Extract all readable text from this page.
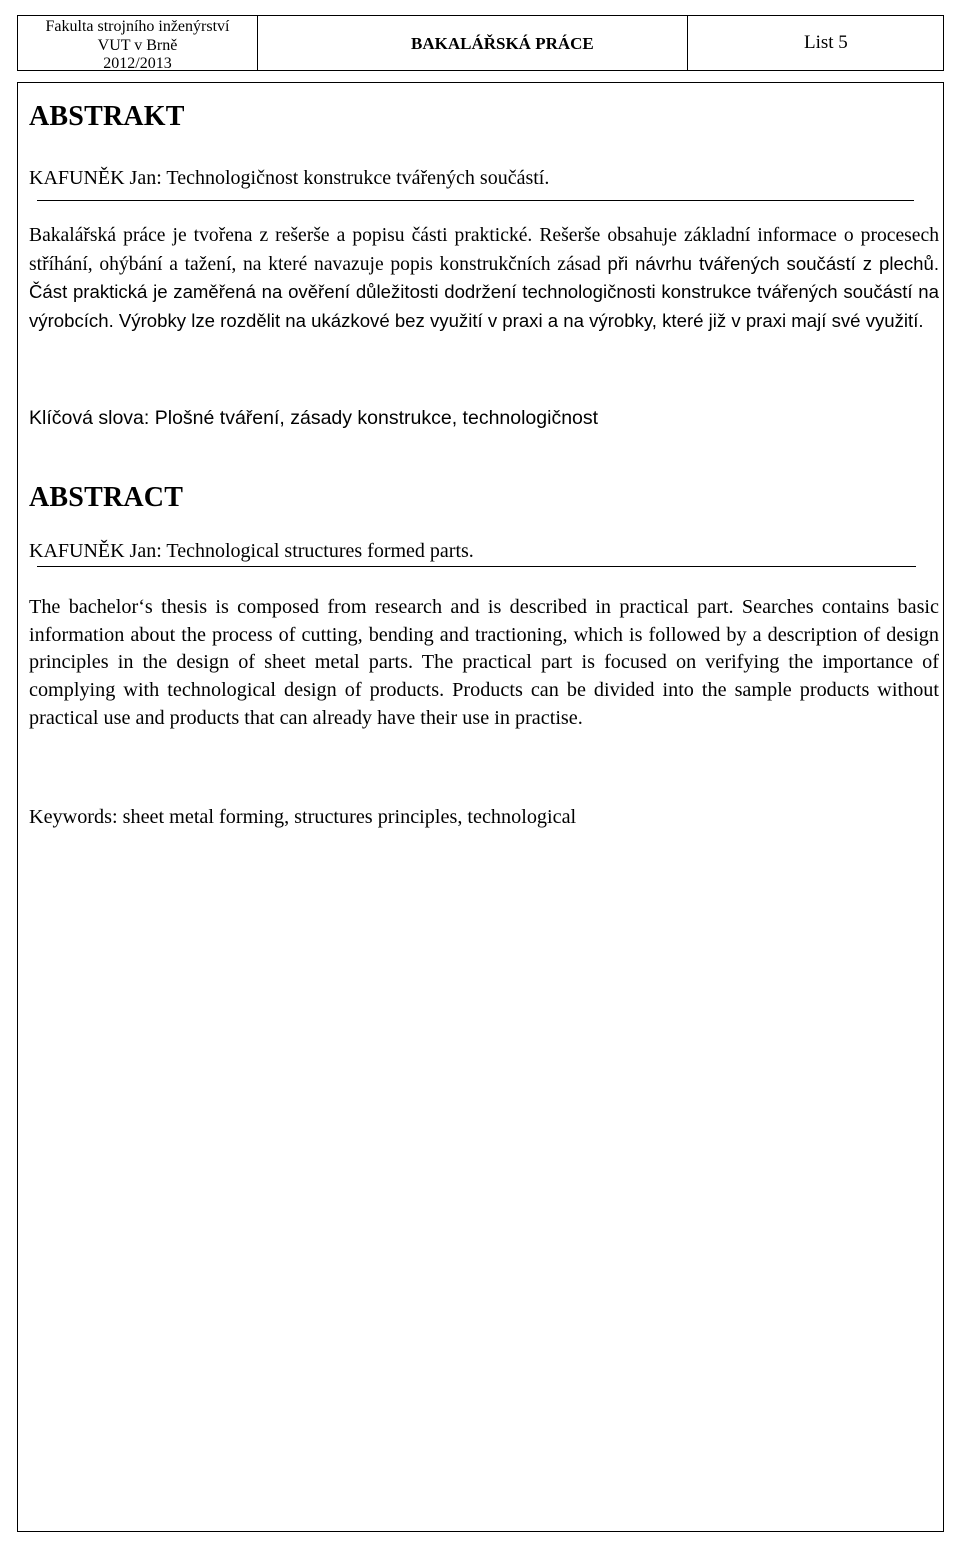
Fakulta strojního inženýrství
VUT v Brně
2012/2013
BAKALÁŘSKÁ PRÁCE	List 5
ABSTRAKT
KAFUNĚK Jan: Technologičnost konstrukce tvářených součástí.

Bakalářská práce je tvořena z rešerše a popisu části praktické. Rešerše obsahuje základní informace o procesech stříhání, ohýbání a tažení, na které navazuje popis konstrukčních zásad při návrhu tvářených součástí z plechů. Část praktická je zaměřená na ověření důležitosti dodržení technologičnosti konstrukce tvářených součástí na výrobcích. Výrobky lze rozdělit na ukázkové bez využití v praxi a na výrobky, které již v praxi mají své využití.

Klíčová slova: Plošné tváření, zásady konstrukce, technologičnost
ABSTRACT
KAFUNĚK Jan: Technological structures formed parts.

The bachelor‘s thesis is composed from research and is described in practical part. Searches contains basic information about the process of cutting, bending and tractioning, which is followed by a description of design principles in the design of sheet metal parts. The practical part is focused on verifying the importance of complying with technological design of products. Products can be divided into the sample products without practical use and products that can already have their use in practise.

Keywords: sheet metal forming, structures principles, technological
